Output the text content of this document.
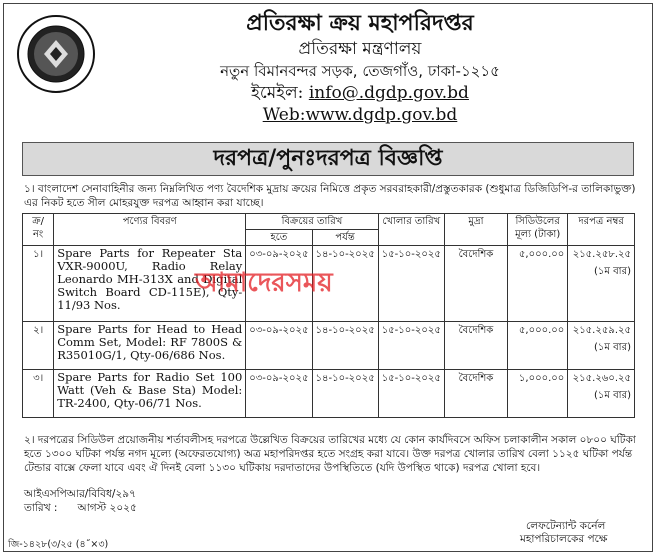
প্রতিরক্ষা ক্রয় মহাপরিদপ্তর
প্রতিরক্ষা মন্ত্রণালয়
নতুন বিমানবন্দর সড়ক, তেজগাঁও, ঢাকা-১২১৫
ইমেইল: info@.dgdp.gov.bd
Web:www.dgdp.gov.bd
দরপত্র/পুনঃদরপত্র বিজ্ঞপ্তি
১। বাংলাদেশ সেনাবাহিনীর জন্য নিম্নলিখিত পণ্য বৈদেশিক মুদ্রায় ক্রয়ের নিমিত্তে প্রকৃত সরবরাহকারী/প্রস্তুতকারক (শুধুমাত্র ডিজিডিপি-র তালিকাভুক্ত) এর নিকট হতে সীল মোহরযুক্ত দরপত্র আহ্বান করা যাচ্ছে।
ক্র/ নং	পণ্যের বিবরণ	বিক্রয়ের তারিখ		খোলার তারিখ	মুদ্রা	সিডিউলের মূল্য (টাকা)	দরপত্র নম্বর
		হতে	পর্যন্ত				
১।	Spare Parts for Repeater Sta VXR-9000U, Radio Relay Leonardo MH-313X and Digital Switch Board CD-115E), Qty-11/93 Nos.	০৩-০৯-২০২৫	১৪-১০-২০২৫	১৫-১০-২০২৫	বৈদেশিক	৫,০০০.০০	২১৫.২৫৮.২৫
(১ম বার)

২।	Spare Parts for Head to Head Comm Set, Model: RF 7800S & R35010G/1, Qty-06/686 Nos.	০৩-০৯-২০২৫	১৪-১০-২০২৫	১৫-১০-২০২৫	বৈদেশিক	৫,০০০.০০	২১৫.২৫৯.২৫
(১ম বার)

৩।	Spare Parts for Radio Set 100 Watt (Veh & Base Sta) Model: TR-2400, Qty-06/71 Nos.	০৩-০৯-২০২৫	১৪-১০-২০২৫	১৫-১০-২০২৫	বৈদেশিক	১,০০০.০০	২১৫.২৬০.২৫
(১ম বার)
আমাদেরসময়
২। দরপত্রের সিডিউল প্রয়োজনীয় শর্তাবলীসহ দরপত্রে উল্লেখিত বিক্রয়ের তারিখের মধ্যে যে কোন কার্যদিবসে অফিস চলাকালীন সকাল ০৮০০ ঘটিকা হতে ১৩০০ ঘটিকা পর্যন্ত নগদ মূল্যে (অফেরতযোগ্য) অত্র মহাপরিদপ্তর হতে সংগ্রহ করা যাবে। উক্ত দরপত্র খোলার তারিখ বেলা ১১২৫ ঘটিকা পর্যন্ত টেন্ডার বাক্সে ফেলা যাবে এবং ঐ দিনই বেলা ১১৩০ ঘটিকায় দরদাতাদের উপস্থিতিতে (যদি উপস্থিত থাকে) দরপত্র খোলা হবে।
আইএসপিআর/বিবিধ/২৯৭
তারিখ : আগস্ট ২০২৫
লেফটেন্যান্ট কর্নেল
মহাপরিচালকের পক্ষে
জি-১৪২৮(৩/২৫ (৪˝×৩)
